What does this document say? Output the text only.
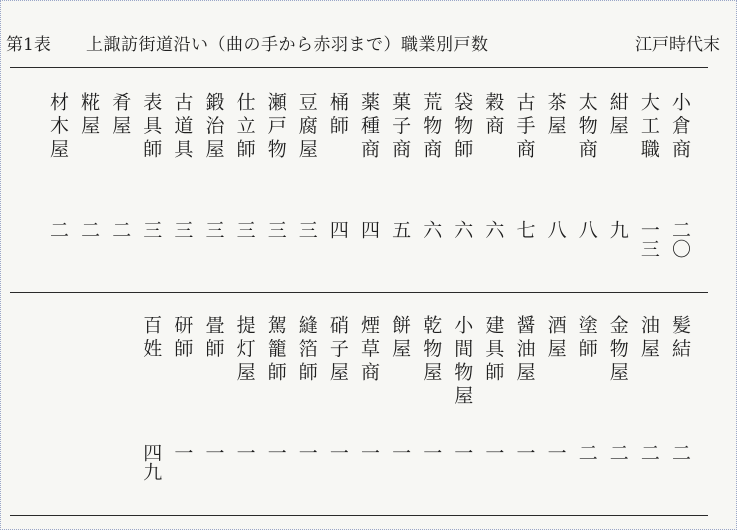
第1表 上諏訪街道沿い（曲の手から赤羽まで）職業別戸数	江戸時代末
小倉商
二〇
大工職
一三
紺屋
九
太物商
八
茶屋
八
古手商
七
穀商
六
袋物師
六
荒物商
六
菓子商
五
薬種商
四
桶師
四
豆腐屋
三
瀬戸物
三
仕立師
三
鍛治屋
三
古道具
三
表具師
三
肴屋
二
糀屋
二
材木屋
二
髪結
二
油屋
二
金物屋
二
塗師
二
酒屋
一
醤油屋
一
建具師
一
小間物屋
一
乾物屋
一
餅屋
一
煙草商
一
硝子屋
一
縫箔師
一
駕籠師
一
提灯屋
一
畳師
一
研師
一
百姓
四九
